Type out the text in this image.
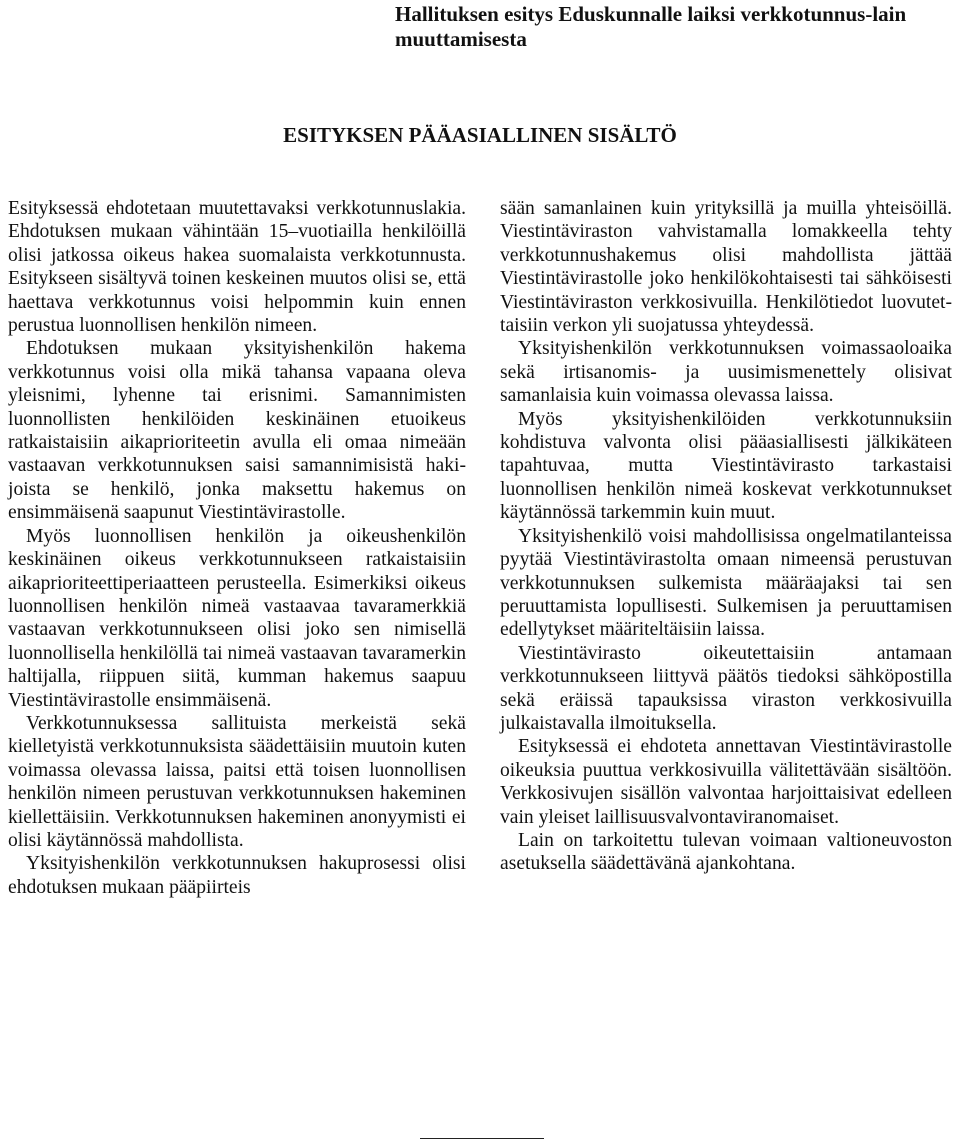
Hallituksen esitys Eduskunnalle laiksi verkkotunnus-lain muuttamisesta
ESITYKSEN PÄÄASIALLINEN SISÄLTÖ

Esityksessä ehdotetaan muutettavaksi verkkotunnuslakia. Ehdotuksen mukaan vähintään 15–vuotiailla henkilöillä olisi jatkossa oikeus hakea suomalaista verkkotunnusta. Esitykseen sisältyvä toinen keskeinen muutos olisi se, että haettava verkkotunnus voisi helpommin kuin ennen perustua luonnollisen henkilön nimeen.

Ehdotuksen mukaan yksityishenkilön hakema verkkotunnus voisi olla mikä tahansa vapaana oleva yleisnimi, lyhenne tai erisnimi. Samannimisten luonnollisten henkilöiden keskinäinen etuoikeus ratkaistaisiin aikaprioriteetin avulla eli omaa nimeään vastaavan verkkotunnuksen saisi samannimisistä hakijoista se henkilö, jonka maksettu hakemus on ensimmäisenä saapunut Viestintävirastolle.

Myös luonnollisen henkilön ja oikeushenkilön keskinäinen oikeus verkkotunnukseen ratkaistaisiin aikaprioriteettiperiaatteen perusteella. Esimerkiksi oikeus luonnollisen henkilön nimeä vastaavaa tavaramerkkiä vastaavan verkkotunnukseen olisi joko sen nimisellä luonnollisella henkilöllä tai nimeä vastaavan tavaramerkin haltijalla, riippuen siitä, kumman hakemus saapuu Viestintävirastolle ensimmäisenä.

Verkkotunnuksessa sallituista merkeistä sekä kielletyistä verkkotunnuksista säädettäisiin muutoin kuten voimassa olevassa laissa, paitsi että toisen luonnollisen henkilön nimeen perustuvan verkkotunnuksen hakeminen kiellettäisiin. Verkkotunnuksen hakeminen anonyymisti ei olisi käytännössä mahdollista.

Yksityishenkilön verkkotunnuksen hakuprosessi olisi ehdotuksen mukaan pääpiirteis

sään samanlainen kuin yrityksillä ja muilla yhteisöillä. Viestintäviraston vahvistamalla lomakkeella tehty verkkotunnushakemus olisi mahdollista jättää Viestintävirastolle joko henkilökohtaisesti tai sähköisesti Viestintäviraston verkkosivuilla. Henkilötiedot luovutettaisiin verkon yli suojatussa yhteydessä.

Yksityishenkilön verkkotunnuksen voimassaoloaika sekä irtisanomis- ja uusimismenettely olisivat samanlaisia kuin voimassa olevassa laissa.

Myös yksityishenkilöiden verkkotunnuksiin kohdistuva valvonta olisi pääasiallisesti jälkikäteen tapahtuvaa, mutta Viestintävirasto tarkastaisi luonnollisen henkilön nimeä koskevat verkkotunnukset käytännössä tarkemmin kuin muut.

Yksityishenkilö voisi mahdollisissa ongelmatilanteissa pyytää Viestintävirastolta omaan nimeensä perustuvan verkkotunnuksen sulkemista määräajaksi tai sen peruuttamista lopullisesti. Sulkemisen ja peruuttamisen edellytykset määriteltäisiin laissa.

Viestintävirasto oikeutettaisiin antamaan verkkotunnukseen liittyvä päätös tiedoksi sähköpostilla sekä eräissä tapauksissa viraston verkkosivuilla julkaistavalla ilmoituksella.

Esityksessä ei ehdoteta annettavan Viestintävirastolle oikeuksia puuttua verkkosivuilla välitettävään sisältöön. Verkkosivujen sisällön valvontaa harjoittaisivat edelleen vain yleiset laillisuusvalvontaviranomaiset.

Lain on tarkoitettu tulevan voimaan valtioneuvoston asetuksella säädettävänä ajankohtana.
